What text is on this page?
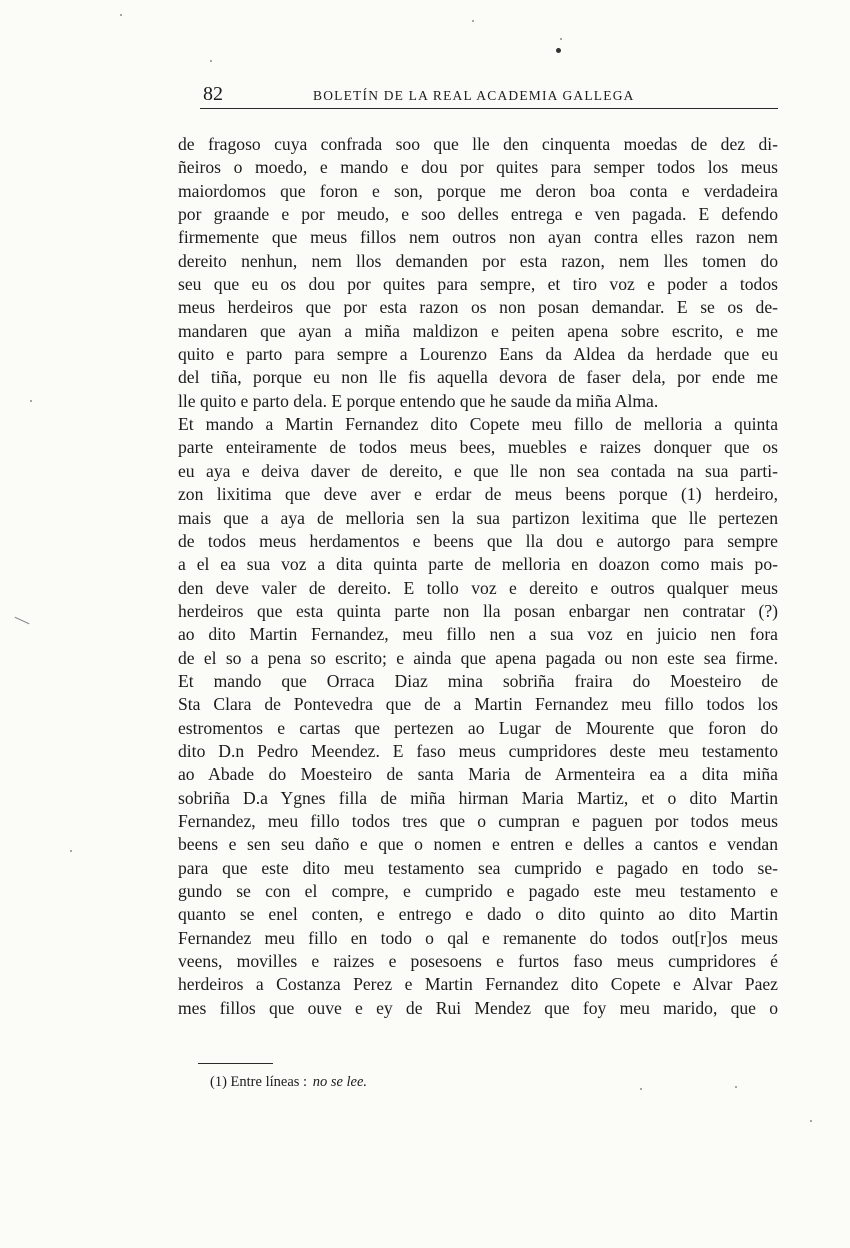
82	BOLETÍN DE LA REAL ACADEMIA GALLEGA
de fragoso cuya confrada soo que lle den cinquenta moedas de dez di-
ñeiros o moedo, e mando e dou por quites para semper todos los meus
maiordomos que foron e son, porque me deron boa conta e verdadeira
por graande e por meudo, e soo delles entrega e ven pagada. E defendo
firmemente que meus fillos nem outros non ayan contra elles razon nem
dereito nenhun, nem llos demanden por esta razon, nem lles tomen do
seu que eu os dou por quites para sempre, et tiro voz e poder a todos
meus herdeiros que por esta razon os non posan demandar. E se os de-
mandaren que ayan a miña maldizon e peiten apena sobre escrito, e me
quito e parto para sempre a Lourenzo Eans da Aldea da herdade que eu
del tiña, porque eu non lle fis aquella devora de faser dela, por ende me
lle quito e parto dela. E porque entendo que he saude da miña Alma.
Et mando a Martin Fernandez dito Copete meu fillo de melloria a quinta
parte enteiramente de todos meus bees, muebles e raizes donquer que os
eu aya e deiva daver de dereito, e que lle non sea contada na sua parti-
zon lixitima que deve aver e erdar de meus beens porque (1) herdeiro,
mais que a aya de melloria sen la sua partizon lexitima que lle pertezen
de todos meus herdamentos e beens que lla dou e autorgo para sempre
a el ea sua voz a dita quinta parte de melloria en doazon como mais po-
den deve valer de dereito. E tollo voz e dereito e outros qualquer meus
herdeiros que esta quinta parte non lla posan enbargar nen contratar (?)
ao dito Martin Fernandez, meu fillo nen a sua voz en juicio nen fora
de el so a pena so escrito; e ainda que apena pagada ou non este sea firme.
Et mando que Orraca Diaz mina sobriña fraira do Moesteiro de
Sta Clara de Pontevedra que de a Martin Fernandez meu fillo todos los
estromentos e cartas que pertezen ao Lugar de Mourente que foron do
dito D.n Pedro Meendez. E faso meus cumpridores deste meu testamento
ao Abade do Moesteiro de santa Maria de Armenteira ea a dita miña
sobriña D.a Ygnes filla de miña hirman Maria Martiz, et o dito Martin
Fernandez, meu fillo todos tres que o cumpran e paguen por todos meus
beens e sen seu daño e que o nomen e entren e delles a cantos e vendan
para que este dito meu testamento sea cumprido e pagado en todo se-
gundo se con el compre, e cumprido e pagado este meu testamento e
quanto se enel conten, e entrego e dado o dito quinto ao dito Martin
Fernandez meu fillo en todo o qal e remanente do todos out[r]os meus
veens, movilles e raizes e posesoens e furtos faso meus cumpridores é
herdeiros a Costanza Perez e Martin Fernandez dito Copete e Alvar Paez
mes fillos que ouve e ey de Rui Mendez que foy meu marido, que o
(1) Entre líneas : no se lee.
